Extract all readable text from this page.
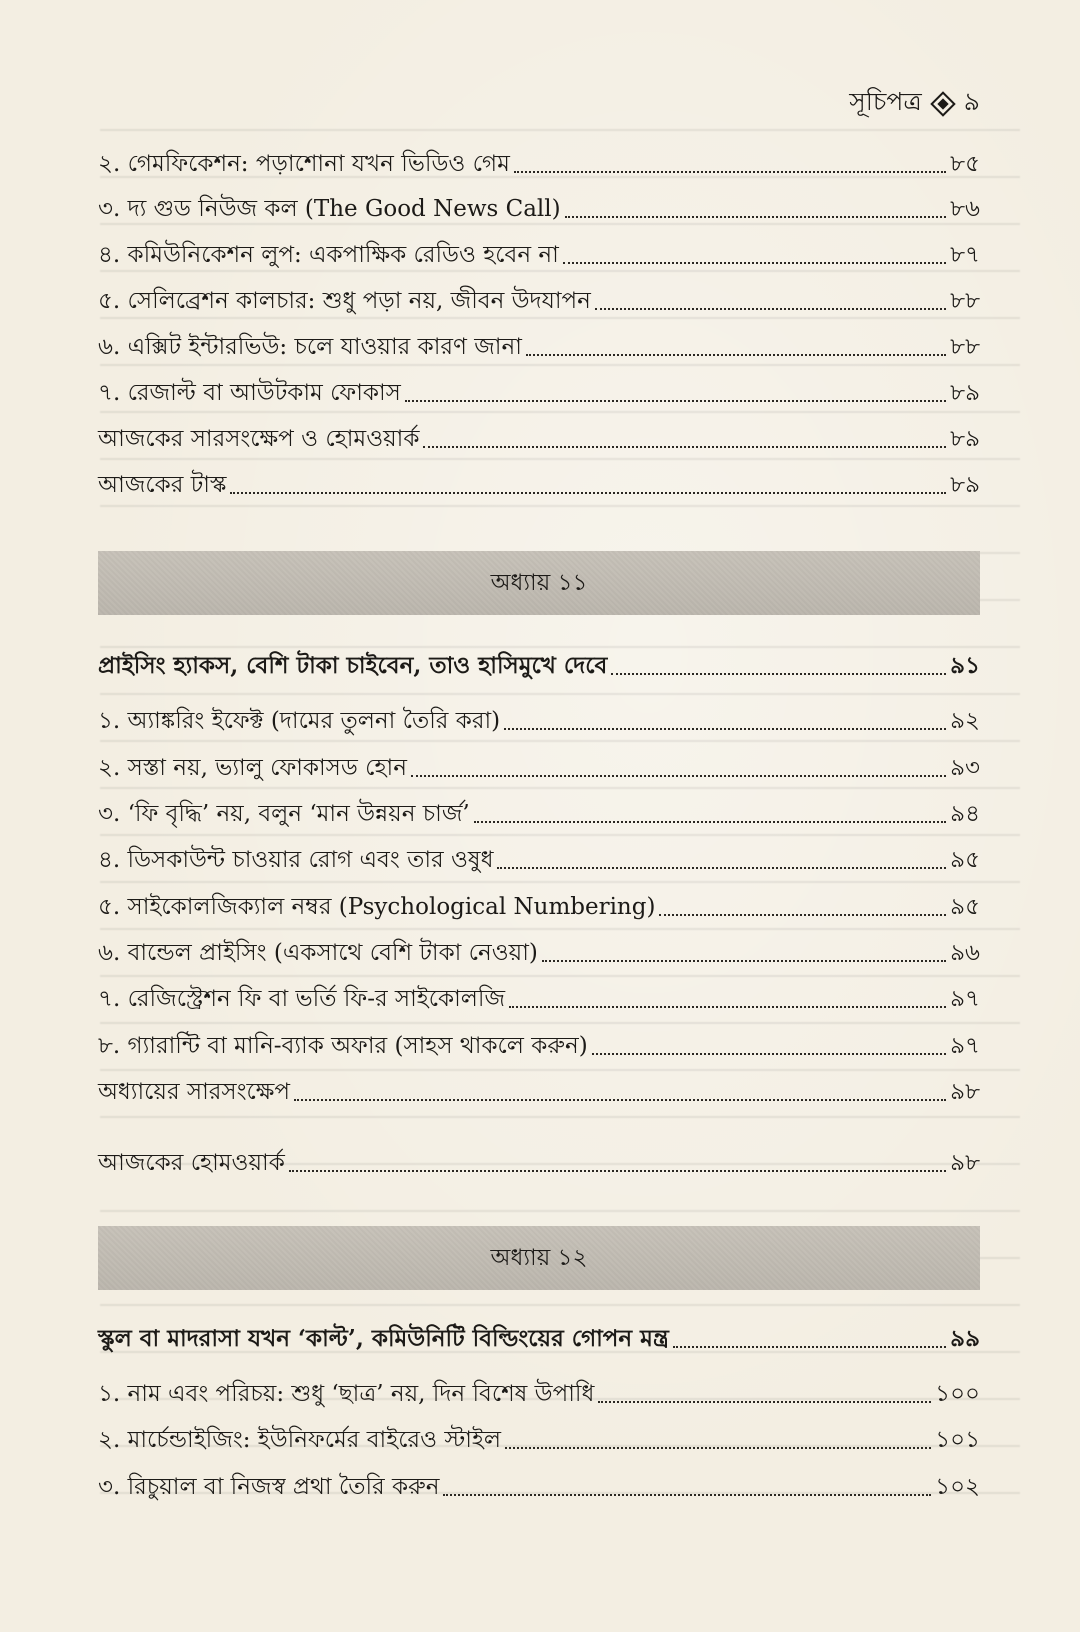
সূচিপত্র ৯
২. গেমফিকেশন: পড়াশোনা যখন ভিডিও গেম	৮৫
৩. দ্য গুড নিউজ কল (The Good News Call)	৮৬
৪. কমিউনিকেশন লুপ: একপাক্ষিক রেডিও হবেন না	৮৭
৫. সেলিব্রেশন কালচার: শুধু পড়া নয়, জীবন উদযাপন	৮৮
৬. এক্সিট ইন্টারভিউ: চলে যাওয়ার কারণ জানা	৮৮
৭. রেজাল্ট বা আউটকাম ফোকাস	৮৯
আজকের সারসংক্ষেপ ও হোমওয়ার্ক	৮৯
আজকের টাস্ক	৮৯
অধ্যায় ১১
প্রাইসিং হ্যাকস, বেশি টাকা চাইবেন, তাও হাসিমুখে দেবে	৯১
১. অ্যাঙ্করিং ইফেক্ট (দামের তুলনা তৈরি করা)	৯২
২. সস্তা নয়, ভ্যালু ফোকাসড হোন	৯৩
৩. ‘ফি বৃদ্ধি’ নয়, বলুন ‘মান উন্নয়ন চার্জ’	৯৪
৪. ডিসকাউন্ট চাওয়ার রোগ এবং তার ওষুধ	৯৫
৫. সাইকোলজিক্যাল নম্বর (Psychological Numbering)	৯৫
৬. বান্ডেল প্রাইসিং (একসাথে বেশি টাকা নেওয়া)	৯৬
৭. রেজিস্ট্রেশন ফি বা ভর্তি ফি-র সাইকোলজি	৯৭
৮. গ্যারান্টি বা মানি-ব্যাক অফার (সাহস থাকলে করুন)	৯৭
অধ্যায়ের সারসংক্ষেপ	৯৮
আজকের হোমওয়ার্ক	৯৮
অধ্যায় ১২
স্কুল বা মাদরাসা যখন ‘কাল্ট’, কমিউনিটি বিল্ডিংয়ের গোপন মন্ত্র	৯৯
১. নাম এবং পরিচয়: শুধু ‘ছাত্র’ নয়, দিন বিশেষ উপাধি	১০০
২. মার্চেন্ডাইজিং: ইউনিফর্মের বাইরেও স্টাইল	১০১
৩. রিচুয়াল বা নিজস্ব প্রথা তৈরি করুন	১০২
